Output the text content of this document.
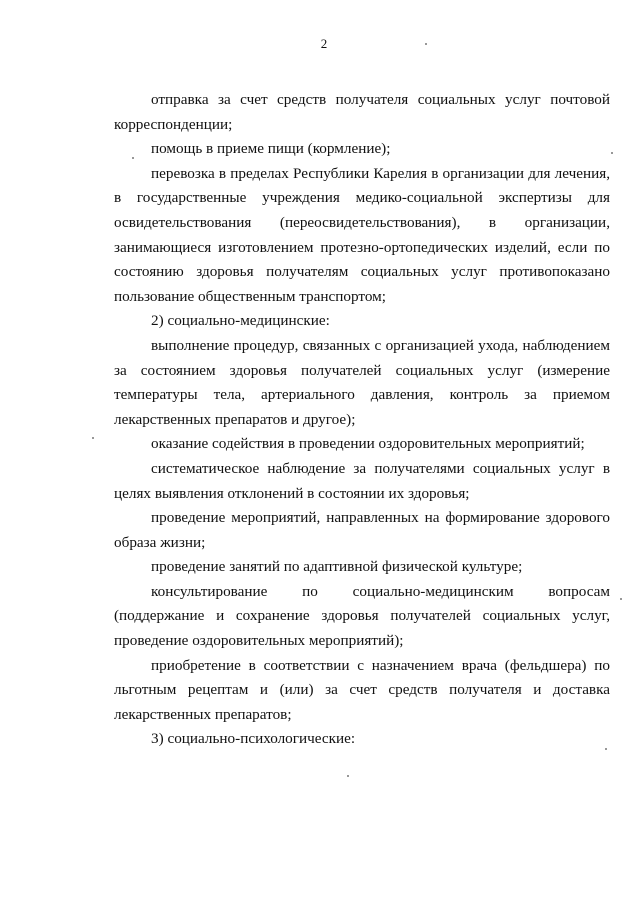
2

отправка за счет средств получателя социальных услуг почтовой корреспонденции;

помощь в приеме пищи (кормление);

перевозка в пределах Республики Карелия в организации для лечения, в государственные учреждения медико-социальной экспертизы для освидетельствования (переосвидетельствования), в организации, занимающиеся изготовлением протезно-ортопедических изделий, если по состоянию здоровья получателям социальных услуг противопоказано пользование общественным транспортом;

2) социально-медицинские:

выполнение процедур, связанных с организацией ухода, наблюдением за состоянием здоровья получателей социальных услуг (измерение температуры тела, артериального давления, контроль за приемом лекарственных препаратов и другое);

оказание содействия в проведении оздоровительных мероприятий;

систематическое наблюдение за получателями социальных услуг в целях выявления отклонений в состоянии их здоровья;

проведение мероприятий, направленных на формирование здорового образа жизни;

проведение занятий по адаптивной физической культуре;

консультирование по социально-медицинским вопросам (поддержание и сохранение здоровья получателей социальных услуг, проведение оздоровительных мероприятий);

приобретение в соответствии с назначением врача (фельдшера) по льготным рецептам и (или) за счет средств получателя и доставка лекарственных препаратов;

3) социально-психологические:
